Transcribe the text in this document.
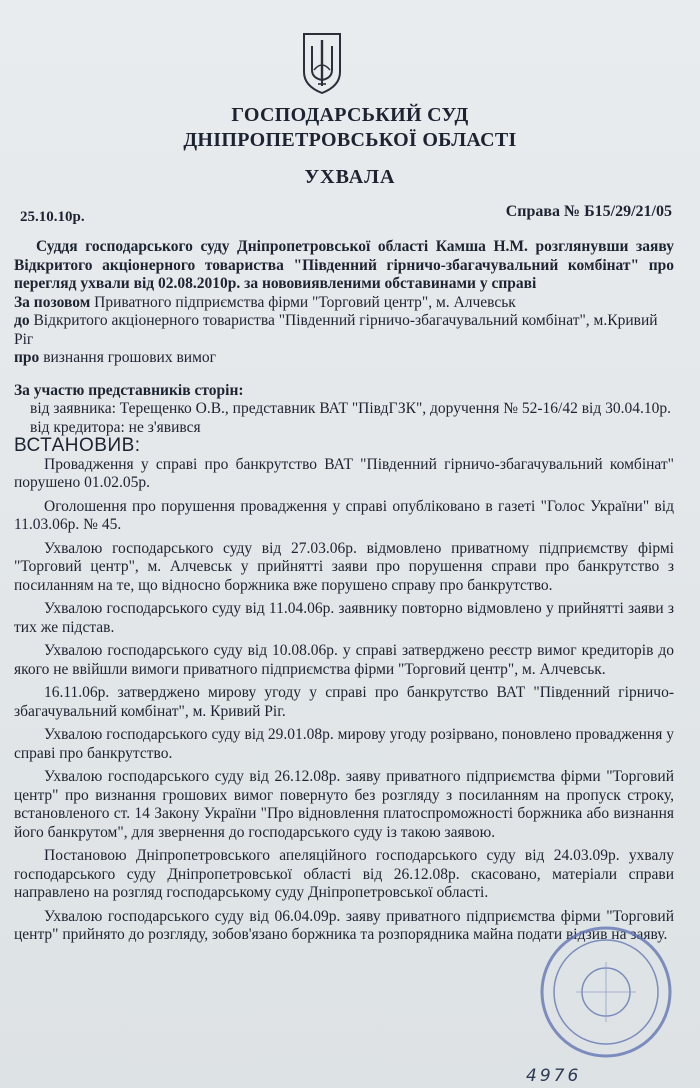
ГОСПОДАРСЬКИЙ СУД
ДНІПРОПЕТРОВСЬКОЇ ОБЛАСТІ
УХВАЛА
25.10.10р.	Справа № Б15/29/21/05

Суддя господарського суду Дніпропетровської області Камша Н.М. розглянувши заяву Відкритого акціонерного товариства "Південний гірничо-збагачувальний комбінат" про перегляд ухвали від 02.08.2010р. за нововиявленими обставинами у справі

За позовом Приватного підприємства фірми "Торговий центр", м. Алчевськ

до Відкритого акціонерного товариства "Південний гірничо-збагачувальний комбінат", м.Кривий Ріг

про визнання грошових вимог

За участю представників сторін:

від заявника: Терещенко О.В., представник ВАТ "ПівдГЗК", доручення № 52-16/42 від 30.04.10р.

від кредитора: не з'явився

ВСТАНОВИВ:

Провадження у справі про банкрутство ВАТ "Південний гірничо-збагачувальний комбінат" порушено 01.02.05р.

Оголошення про порушення провадження у справі опубліковано в газеті "Голос України" від 11.03.06р. № 45.

Ухвалою господарського суду від 27.03.06р. відмовлено приватному підприємству фірмі "Торговий центр", м. Алчевськ у прийнятті заяви про порушення справи про банкрутство з посиланням на те, що відносно боржника вже порушено справу про банкрутство.

Ухвалою господарського суду від 11.04.06р. заявнику повторно відмовлено у прийнятті заяви з тих же підстав.

Ухвалою господарського суду від 10.08.06р. у справі затверджено реєстр вимог кредиторів до якого не ввійшли вимоги приватного підприємства фірми "Торговий центр", м. Алчевськ.

16.11.06р. затверджено мирову угоду у справі про банкрутство ВАТ "Південний гірничо-збагачувальний комбінат", м. Кривий Ріг.

Ухвалою господарського суду від 29.01.08р. мирову угоду розірвано, поновлено провадження у справі про банкрутство.

Ухвалою господарського суду від 26.12.08р. заяву приватного підприємства фірми "Торговий центр" про визнання грошових вимог повернуто без розгляду з посиланням на пропуск строку, встановленого ст. 14 Закону України "Про відновлення платоспроможності боржника або визнання його банкрутом", для звернення до господарського суду із такою заявою.

Постановою Дніпропетровського апеляційного господарського суду від 24.03.09р. ухвалу господарського суду Дніпропетровської області від 26.12.08р. скасовано, матеріали справи направлено на розгляд господарському суду Дніпропетровської області.

Ухвалою господарського суду від 06.04.09р. заяву приватного підприємства фірми "Торговий центр" прийнято до розгляду, зобов'язано боржника та розпорядника майна подати відзив на заяву.

4976
